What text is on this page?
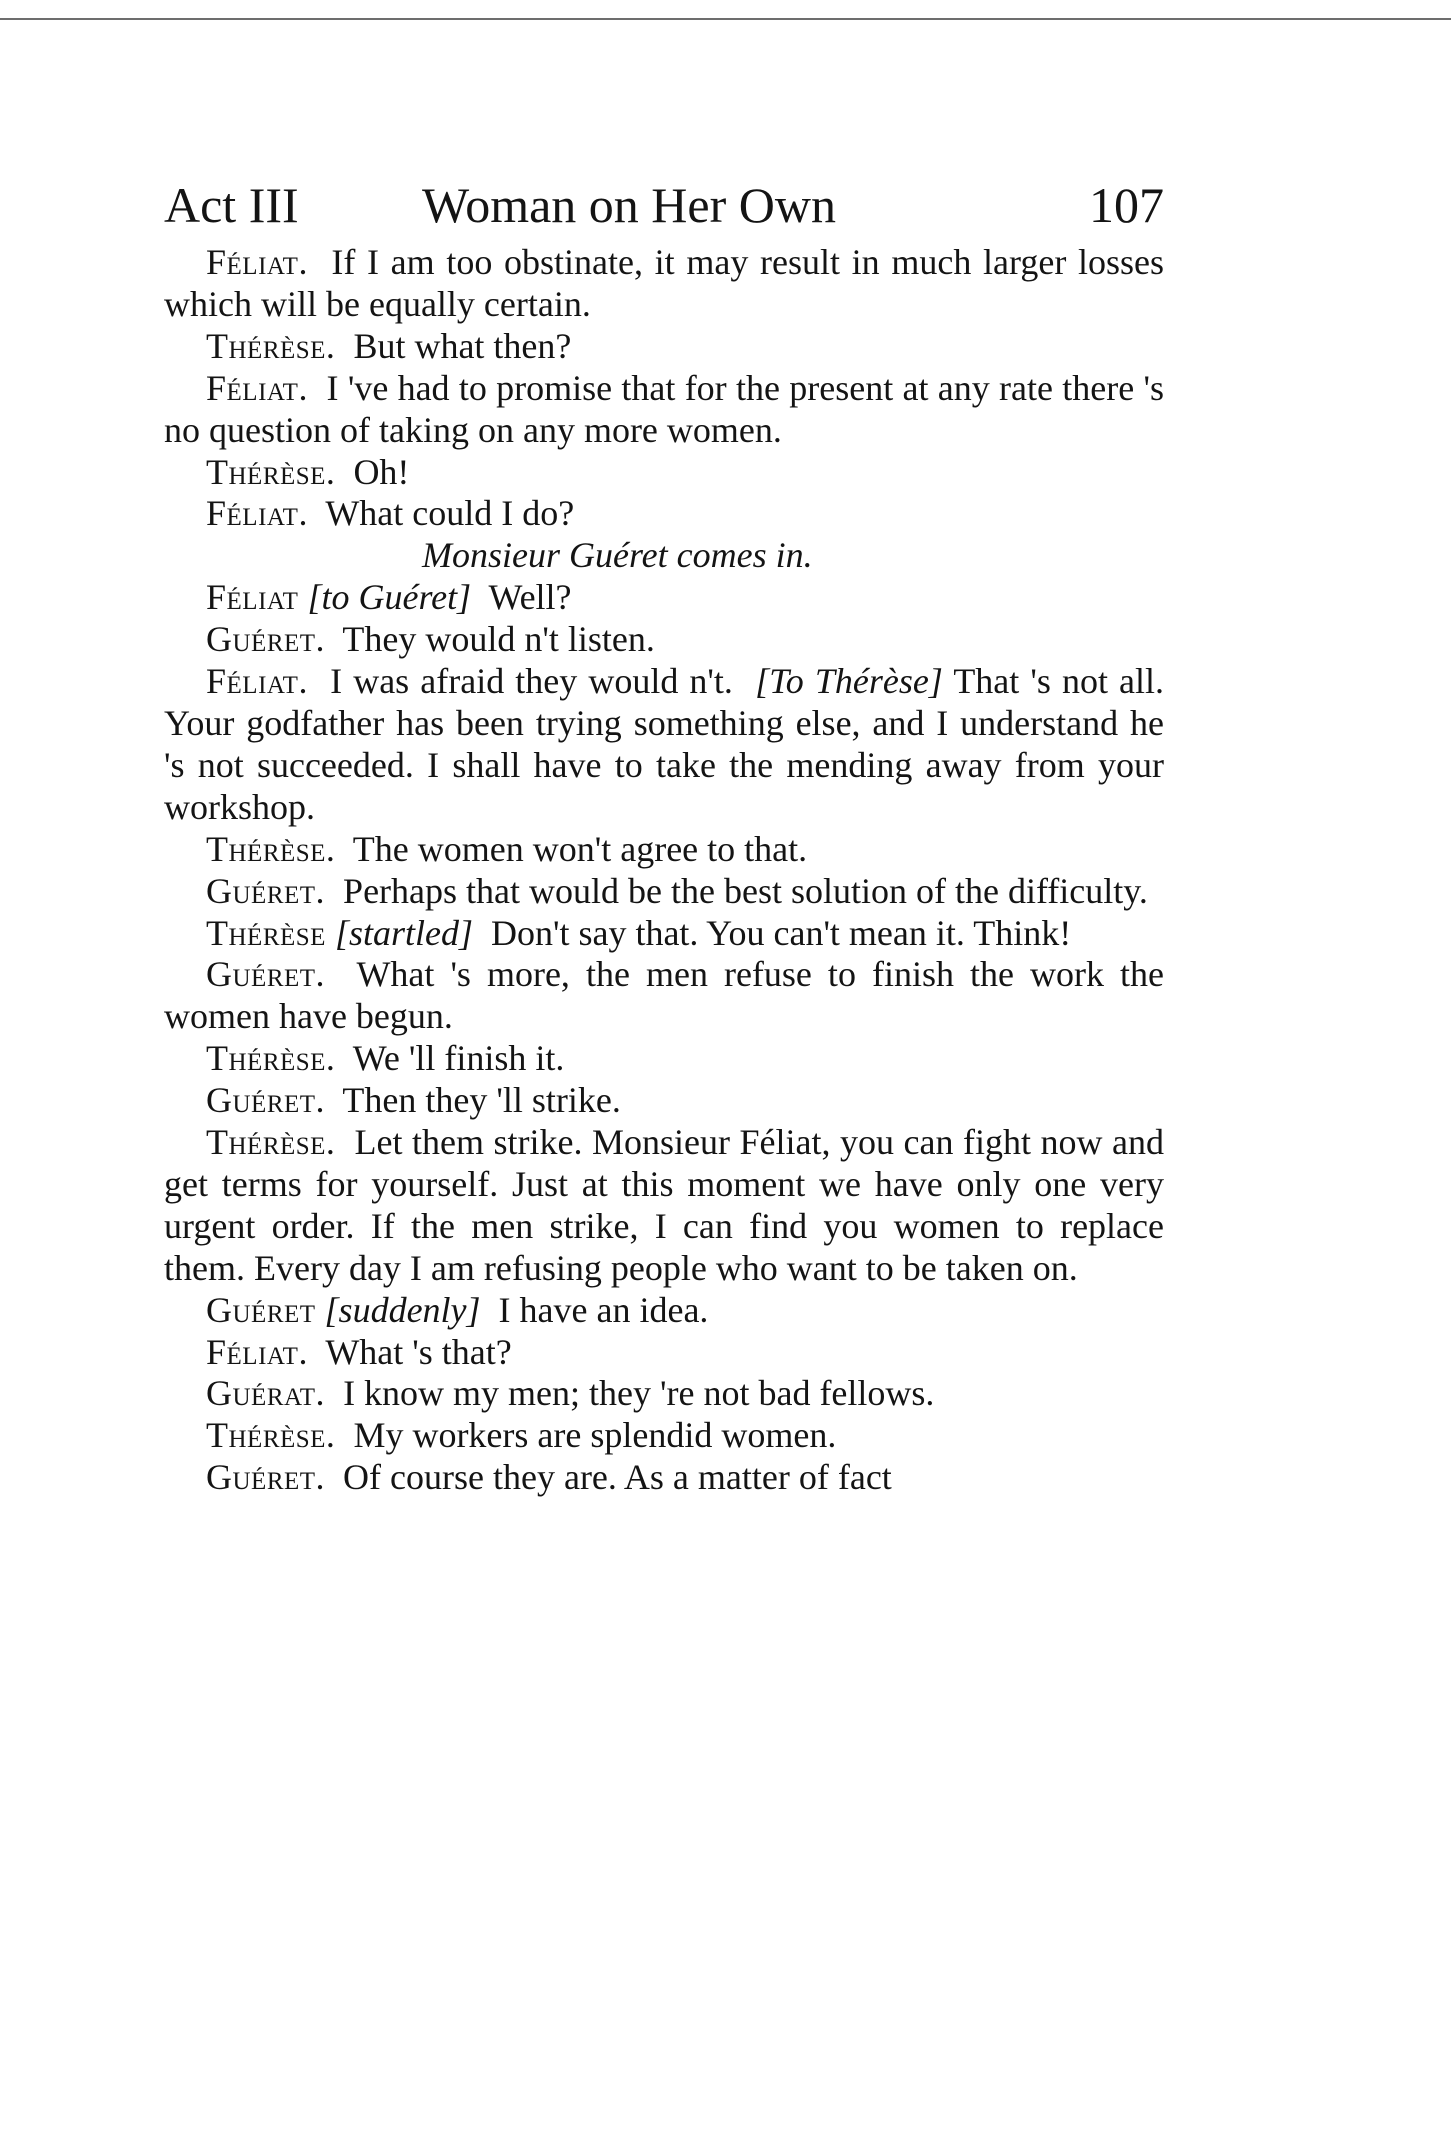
Act III	Woman on Her Own	107

Féliat. If I am too obstinate, it may result in much larger losses which will be equally certain.

Thérèse. But what then?

Féliat. I 've had to promise that for the present at any rate there 's no question of taking on any more women.

Thérèse. Oh!

Féliat. What could I do?

Monsieur Guéret comes in.

Féliat [to Guéret] Well?

Guéret. They would n't listen.

Féliat. I was afraid they would n't. [To Thérèse] That 's not all. Your godfather has been trying something else, and I understand he 's not succeeded. I shall have to take the mending away from your workshop.

Thérèse. The women won't agree to that.

Guéret. Perhaps that would be the best solution of the difficulty.

Thérèse [startled] Don't say that. You can't mean it. Think!

Guéret. What 's more, the men refuse to finish the work the women have begun.

Thérèse. We 'll finish it.

Guéret. Then they 'll strike.

Thérèse. Let them strike. Monsieur Féliat, you can fight now and get terms for yourself. Just at this moment we have only one very urgent order. If the men strike, I can find you women to replace them. Every day I am refusing people who want to be taken on.

Guéret [suddenly] I have an idea.

Féliat. What 's that?

Guérat. I know my men; they 're not bad fellows.

Thérèse. My workers are splendid women.

Guéret. Of course they are. As a matter of fact
